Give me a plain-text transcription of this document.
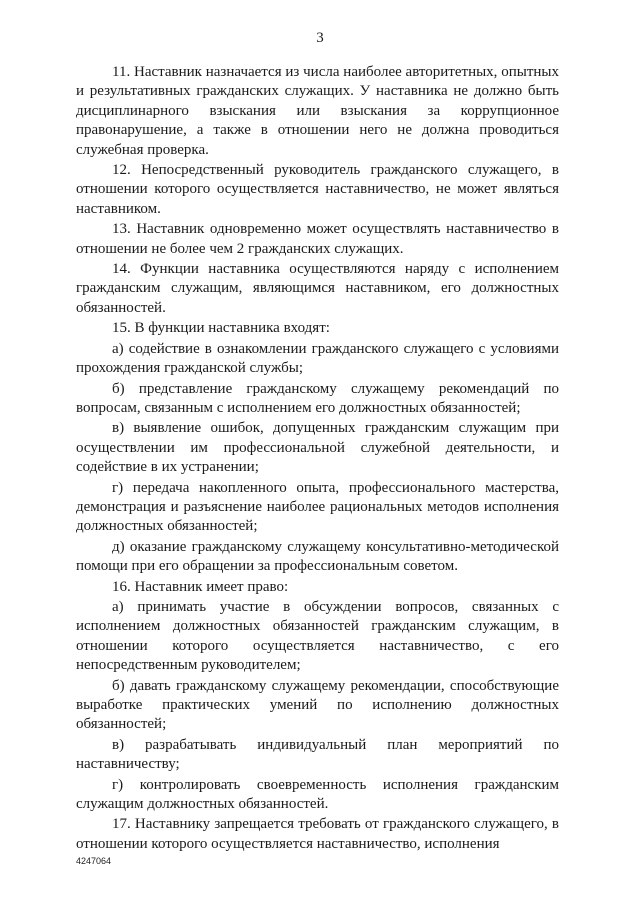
3

11. Наставник назначается из числа наиболее авторитетных, опытных и результативных гражданских служащих. У наставника не должно быть дисциплинарного взыскания или взыскания за коррупционное правонарушение, а также в отношении него не должна проводиться служебная проверка.

12. Непосредственный руководитель гражданского служащего, в отношении которого осуществляется наставничество, не может являться наставником.

13. Наставник одновременно может осуществлять наставничество в отношении не более чем 2 гражданских служащих.

14. Функции наставника осуществляются наряду с исполнением гражданским служащим, являющимся наставником, его должностных обязанностей.

15. В функции наставника входят:

а) содействие в ознакомлении гражданского служащего с условиями прохождения гражданской службы;

б) представление гражданскому служащему рекомендаций по вопросам, связанным с исполнением его должностных обязанностей;

в) выявление ошибок, допущенных гражданским служащим при осуществлении им профессиональной служебной деятельности, и содействие в их устранении;

г) передача накопленного опыта, профессионального мастерства, демонстрация и разъяснение наиболее рациональных методов исполнения должностных обязанностей;

д) оказание гражданскому служащему консультативно-методической помощи при его обращении за профессиональным советом.

16. Наставник имеет право:

а) принимать участие в обсуждении вопросов, связанных с исполнением должностных обязанностей гражданским служащим, в отношении которого осуществляется наставничество, с его непосредственным руководителем;

б) давать гражданскому служащему рекомендации, способствующие выработке практических умений по исполнению должностных обязанностей;

в) разрабатывать индивидуальный план мероприятий по наставничеству;

г) контролировать своевременность исполнения гражданским служащим должностных обязанностей.

17. Наставнику запрещается требовать от гражданского служащего, в отношении которого осуществляется наставничество, исполнения

4247064
